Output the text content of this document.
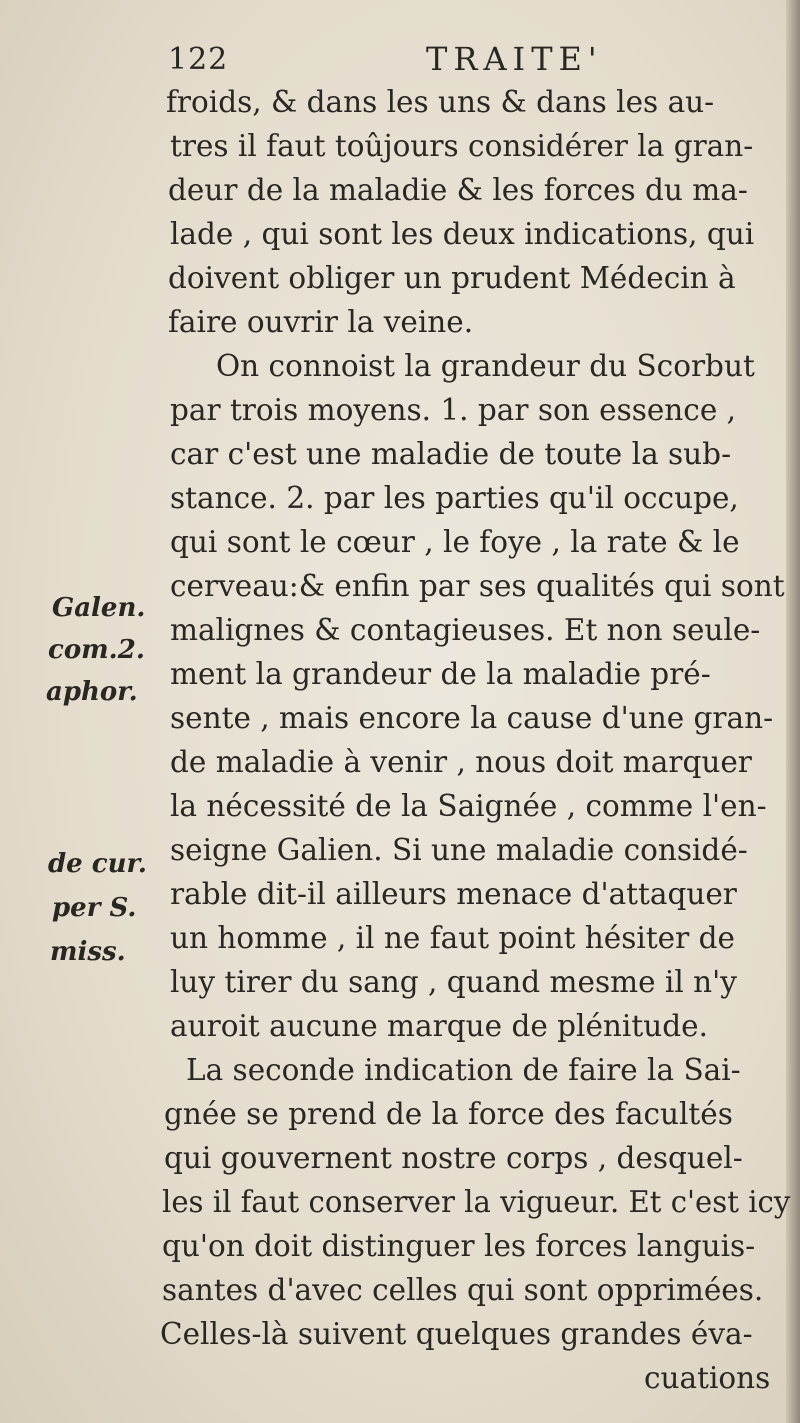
122	TRAITE'
froids, & dans les uns & dans les au-
tres il faut toûjours considérer la gran-
deur de la maladie & les forces du ma-
lade , qui sont les deux indications, qui
doivent obliger un prudent Médecin à
faire ouvrir la veine.
On connoist la grandeur du Scorbut
par trois moyens. 1. par son essence ,
car c'est une maladie de toute la sub-
stance. 2. par les parties qu'il occupe,
qui sont le cœur , le foye , la rate & le
cerveau:& enfin par ses qualités qui sont
malignes & contagieuses. Et non seule-
ment la grandeur de la maladie pré-
sente , mais encore la cause d'une gran-
de maladie à venir , nous doit marquer
la nécessité de la Saignée , comme l'en-
seigne Galien. Si une maladie considé-
rable dit-il ailleurs menace d'attaquer
un homme , il ne faut point hésiter de
luy tirer du sang , quand mesme il n'y
auroit aucune marque de plénitude.
La seconde indication de faire la Sai-
gnée se prend de la force des facultés
qui gouvernent nostre corps , desquel-
les il faut conserver la vigueur. Et c'est icy
qu'on doit distinguer les forces languis-
santes d'avec celles qui sont opprimées.
Celles-là suivent quelques grandes éva-
cuations
Galen.
com.2.
aphor.
de cur.
per S.
miss.
